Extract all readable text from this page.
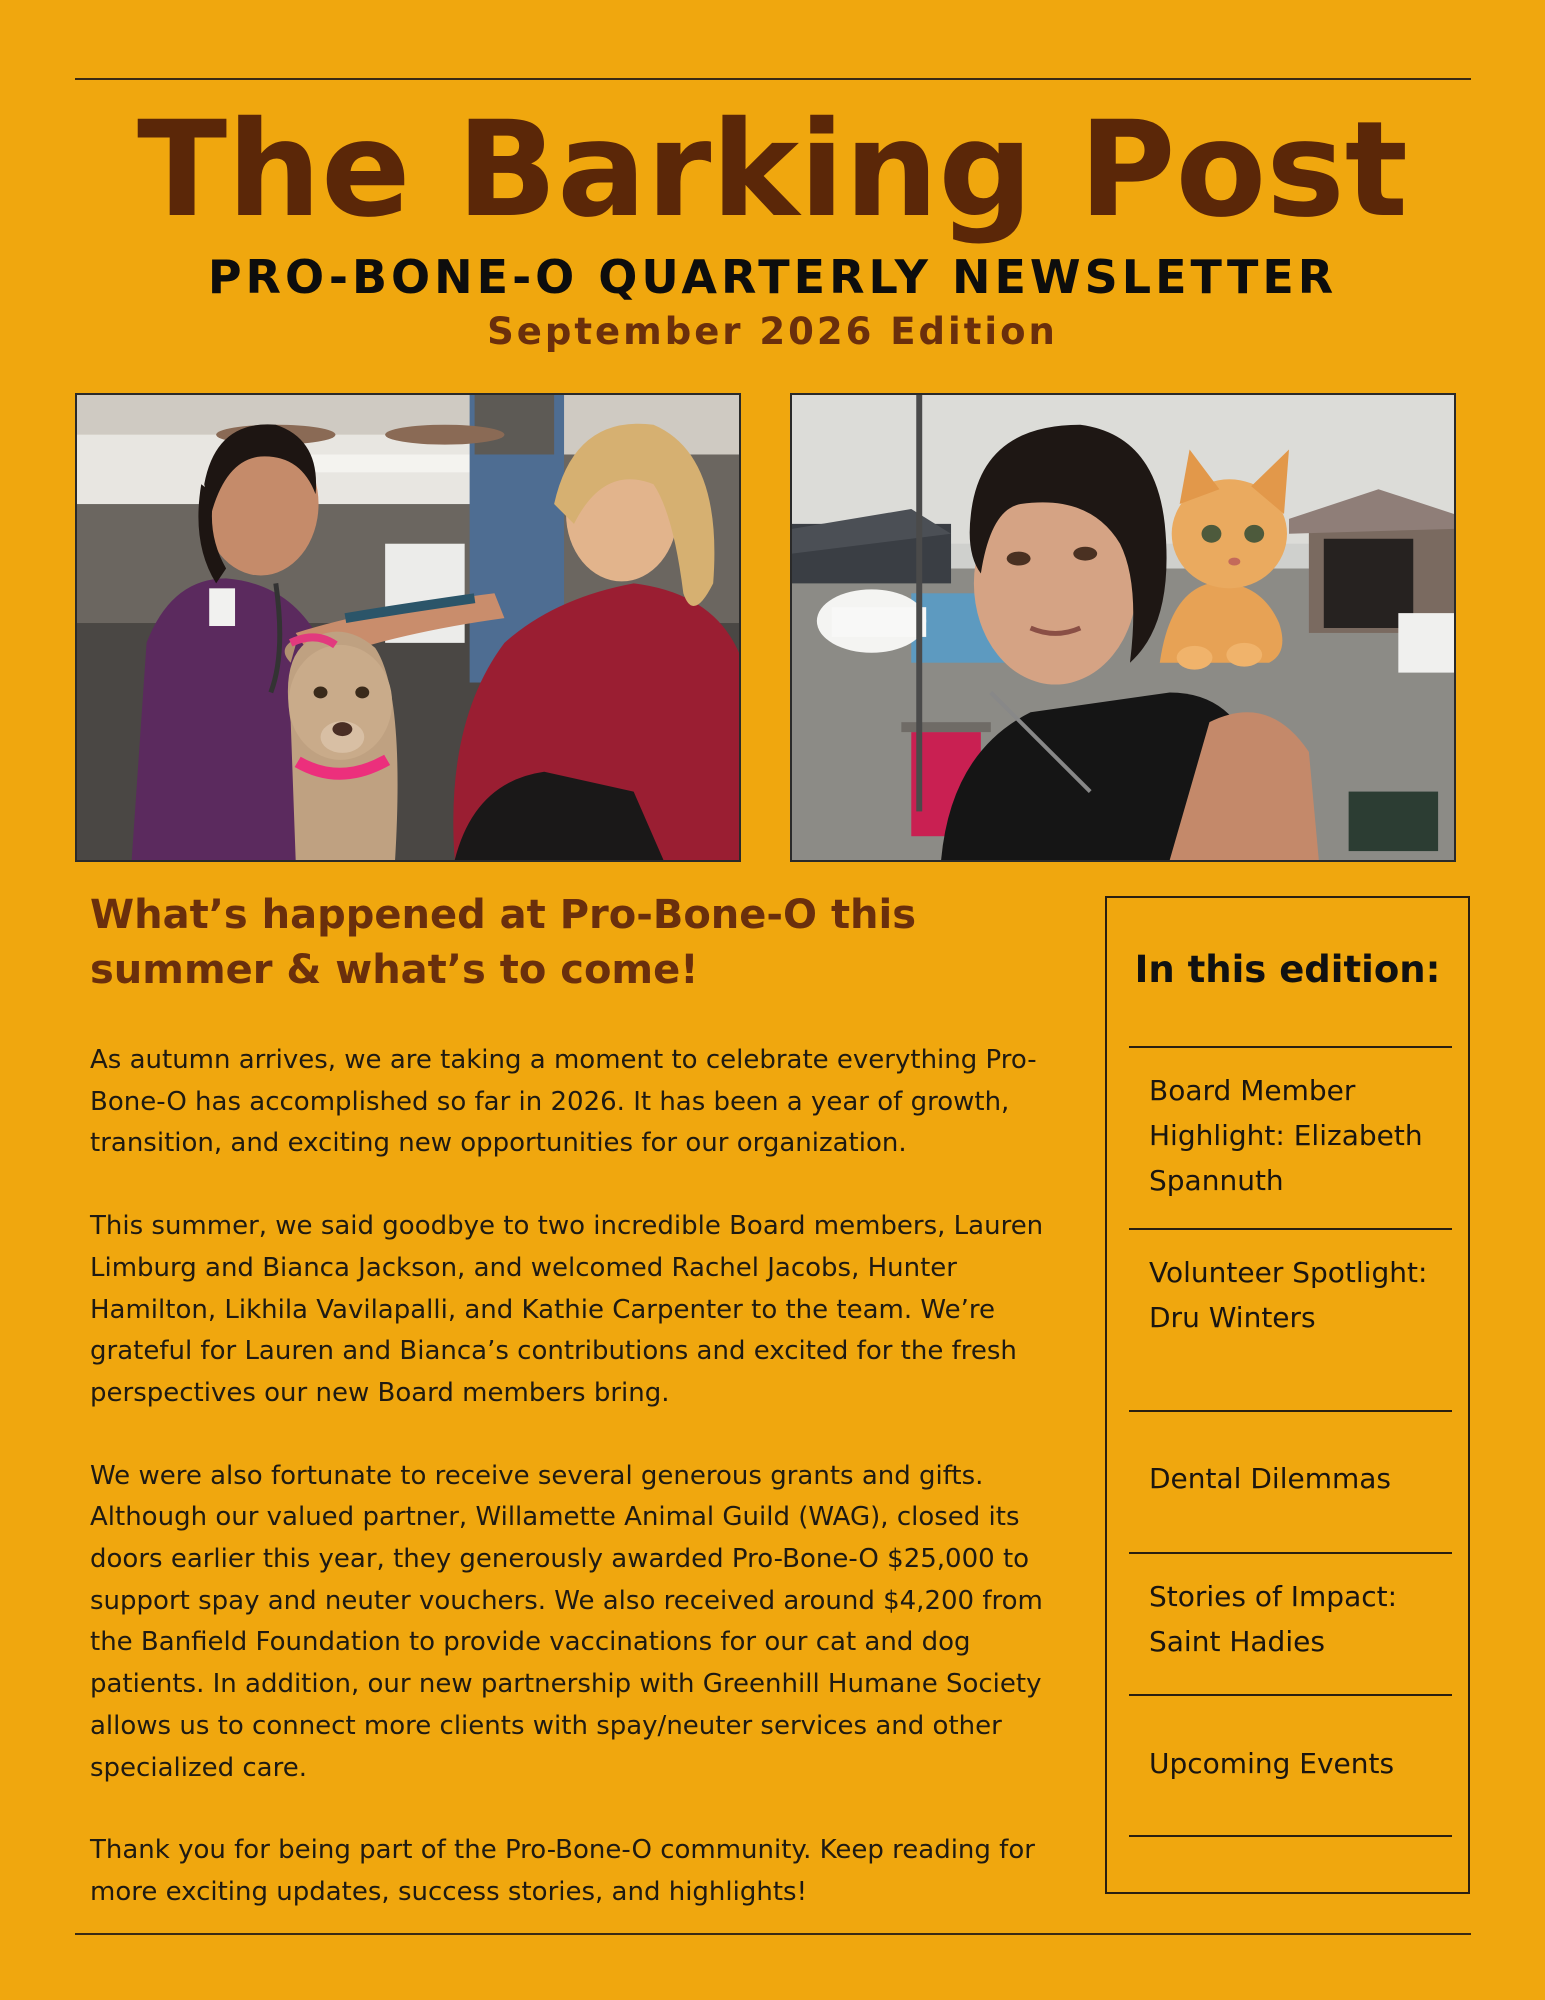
The Barking Post
PRO-BONE-O QUARTERLY NEWSLETTER
September 2026 Edition
What’s happened at Pro-Bone-O this summer & what’s to come!

As autumn arrives, we are taking a moment to celebrate everything Pro-Bone-O has accomplished so far in 2026. It has been a year of growth, transition, and exciting new opportunities for our organization.

This summer, we said goodbye to two incredible Board members, Lauren Limburg and Bianca Jackson, and welcomed Rachel Jacobs, Hunter Hamilton, Likhila Vavilapalli, and Kathie Carpenter to the team. We’re grateful for Lauren and Bianca’s contributions and excited for the fresh perspectives our new Board members bring.

We were also fortunate to receive several generous grants and gifts. Although our valued partner, Willamette Animal Guild (WAG), closed its doors earlier this year, they generously awarded Pro-Bone-O $25,000 to support spay and neuter vouchers. We also received around $4,200 from the Banfield Foundation to provide vaccinations for our cat and dog patients. In addition, our new partnership with Greenhill Humane Society allows us to connect more clients with spay/neuter services and other specialized care.

Thank you for being part of the Pro-Bone-O community. Keep reading for more exciting updates, success stories, and highlights!

In this edition:
Board Member Highlight: Elizabeth Spannuth
Volunteer Spotlight: Dru Winters
Dental Dilemmas
Stories of Impact: Saint Hadies
Upcoming Events
